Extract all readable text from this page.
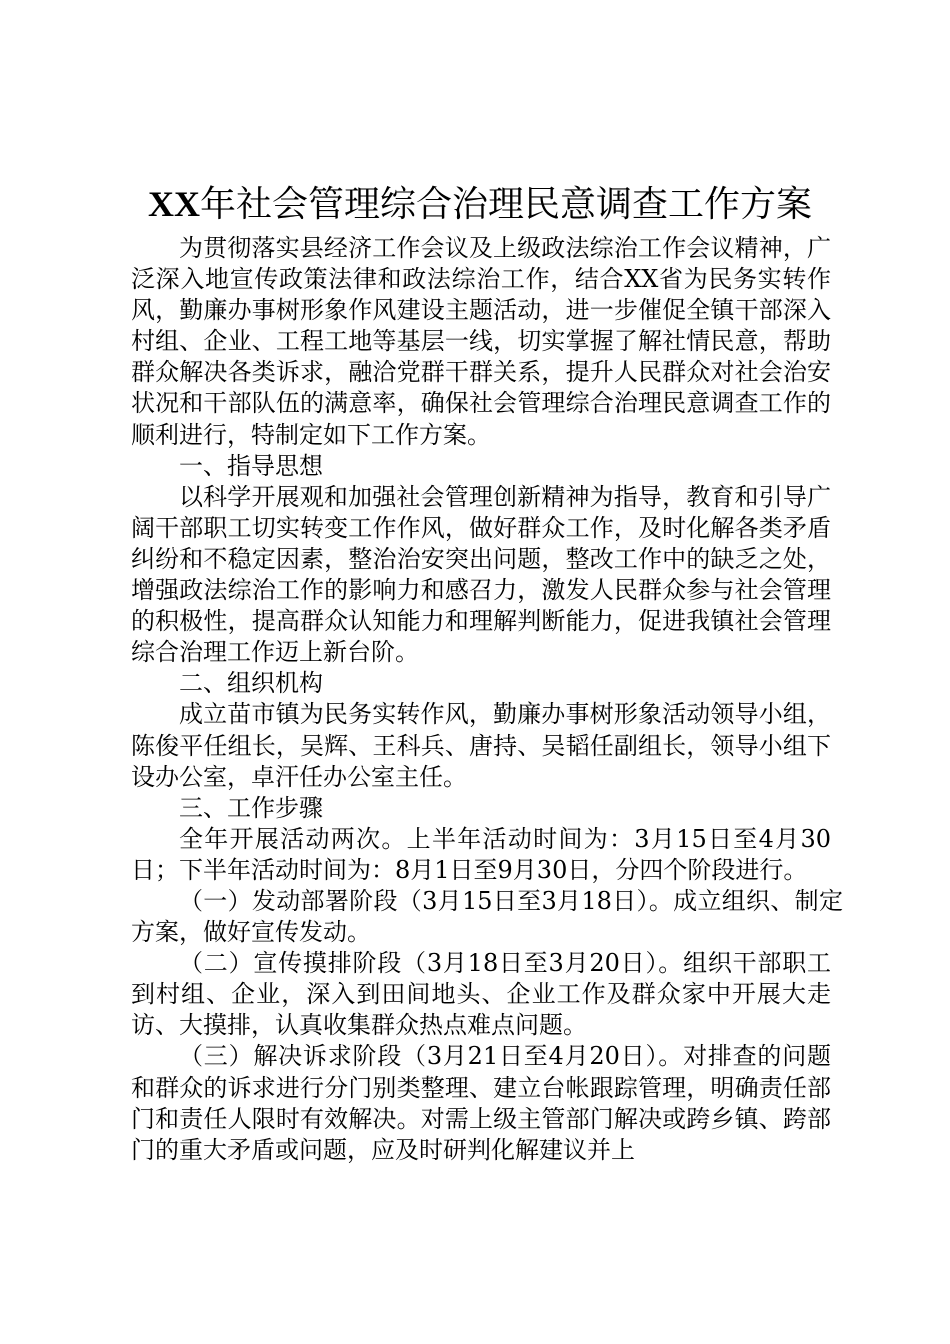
XX年社会管理综合治理民意调查工作方案

为贯彻落实县经济工作会议及上级政法综治工作会议精神，广泛深入地宣传政策法律和政法综治工作，结合XX省为民务实转作风，勤廉办事树形象作风建设主题活动，进一步催促全镇干部深入村组、企业、工程工地等基层一线，切实掌握了解社情民意，帮助群众解决各类诉求，融洽党群干群关系，提升人民群众对社会治安状况和干部队伍的满意率，确保社会管理综合治理民意调查工作的顺利进行，特制定如下工作方案。

一、指导思想

以科学开展观和加强社会管理创新精神为指导，教育和引导广阔干部职工切实转变工作作风，做好群众工作，及时化解各类矛盾纠纷和不稳定因素，整治治安突出问题，整改工作中的缺乏之处，增强政法综治工作的影响力和感召力，激发人民群众参与社会管理的积极性，提高群众认知能力和理解判断能力，促进我镇社会管理综合治理工作迈上新台阶。

二、组织机构

成立苗市镇为民务实转作风，勤廉办事树形象活动领导小组，陈俊平任组长，吴辉、王科兵、唐持、吴韬任副组长，领导小组下设办公室，卓汗任办公室主任。

三、工作步骤

全年开展活动两次。上半年活动时间为：3月15日至4月30日；下半年活动时间为：8月1日至9月30日，分四个阶段进行。

（一）发动部署阶段（3月15日至3月18日）。成立组织、制定方案，做好宣传发动。

（二）宣传摸排阶段（3月18日至3月20日）。组织干部职工到村组、企业，深入到田间地头、企业工作及群众家中开展大走访、大摸排，认真收集群众热点难点问题。

（三）解决诉求阶段（3月21日至4月20日）。对排查的问题和群众的诉求进行分门别类整理、建立台帐跟踪管理，明确责任部门和责任人限时有效解决。对需上级主管部门解决或跨乡镇、跨部门的重大矛盾或问题，应及时研判化解建议并上
